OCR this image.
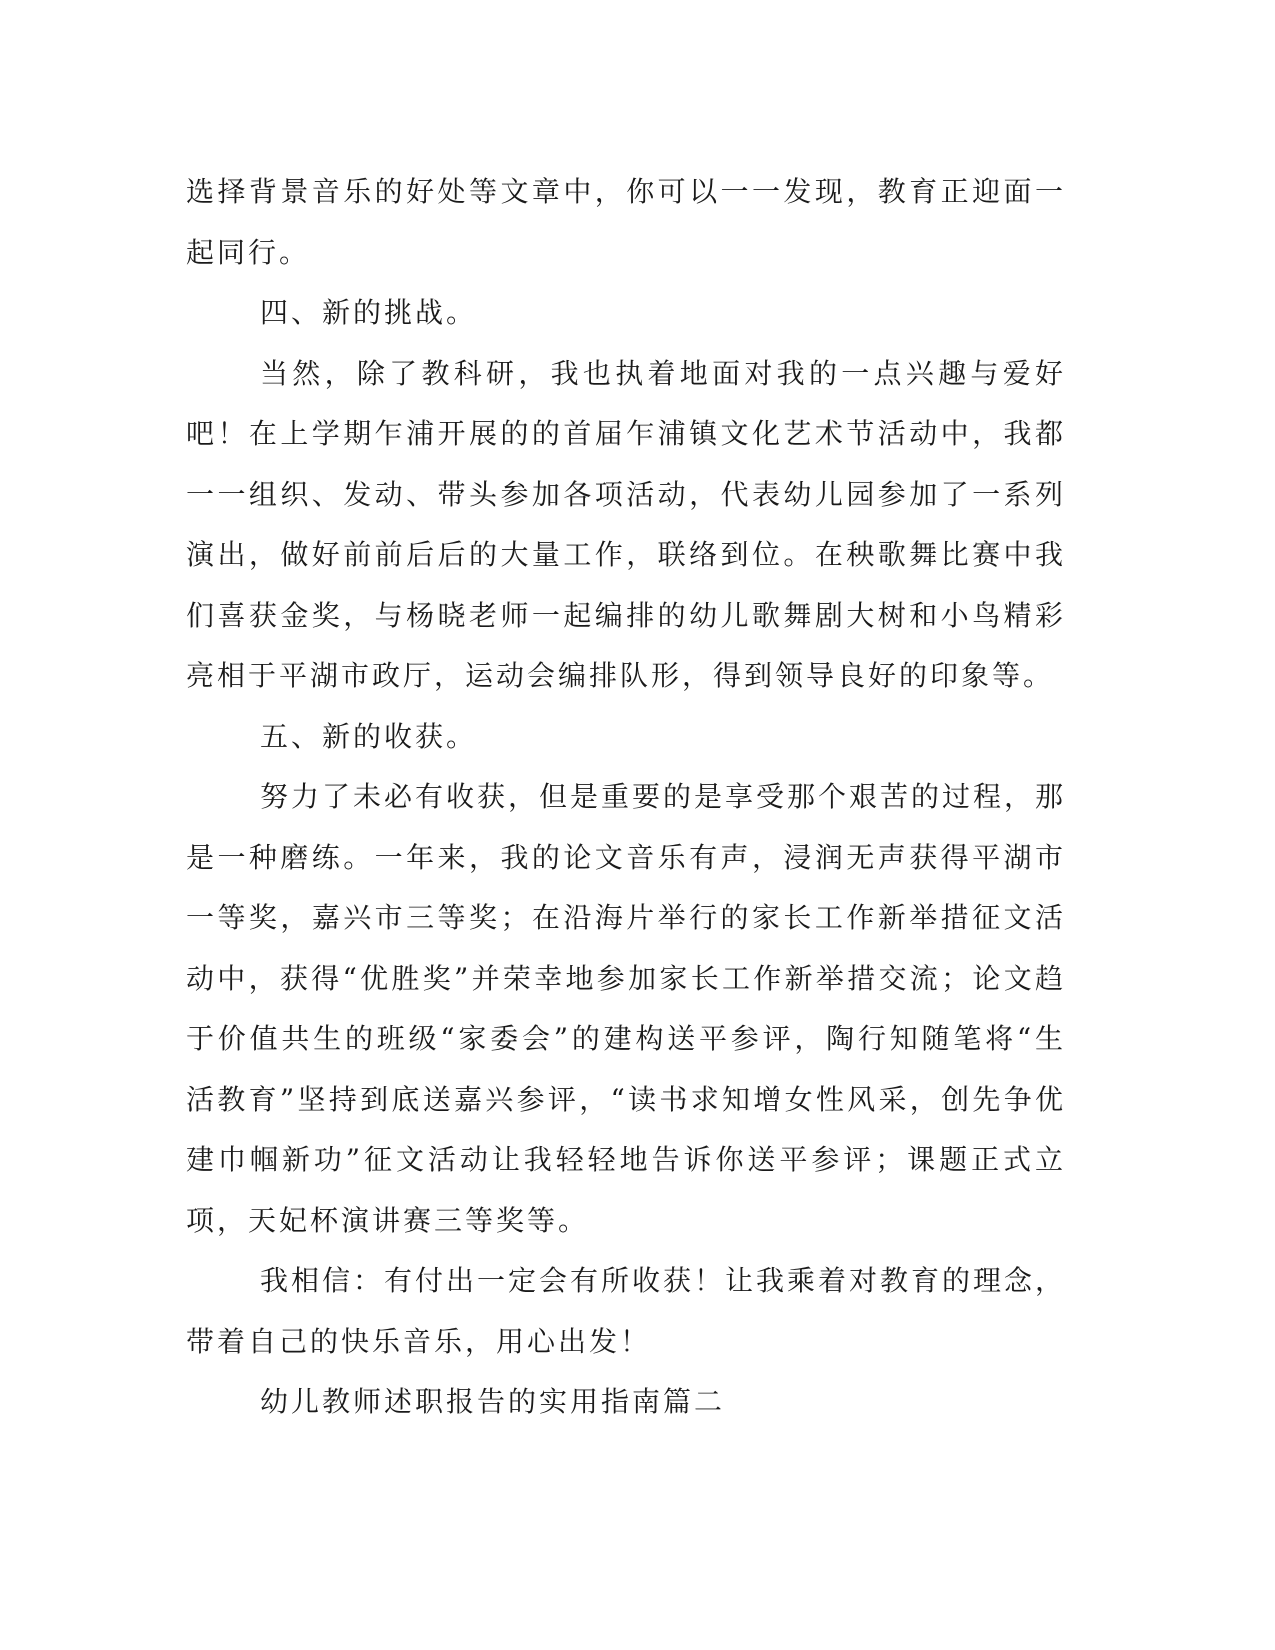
选择背景音乐的好处等文章中，你可以一一发现，教育正迎面一起同行。

四、新的挑战。

当然，除了教科研，我也执着地面对我的一点兴趣与爱好吧！在上学期乍浦开展的的首届乍浦镇文化艺术节活动中，我都一一组织、发动、带头参加各项活动，代表幼儿园参加了一系列演出，做好前前后后的大量工作，联络到位。在秧歌舞比赛中我们喜获金奖，与杨晓老师一起编排的幼儿歌舞剧大树和小鸟精彩亮相于平湖市政厅，运动会编排队形，得到领导良好的印象等。

五、新的收获。

努力了未必有收获，但是重要的是享受那个艰苦的过程，那是一种磨练。一年来，我的论文音乐有声，浸润无声获得平湖市一等奖，嘉兴市三等奖；在沿海片举行的家长工作新举措征文活动中，获得“优胜奖”并荣幸地参加家长工作新举措交流；论文趋于价值共生的班级“家委会”的建构送平参评，陶行知随笔将“生活教育”坚持到底送嘉兴参评，“读书求知增女性风采，创先争优建巾帼新功”征文活动让我轻轻地告诉你送平参评；课题正式立项，天妃杯演讲赛三等奖等。

我相信：有付出一定会有所收获！让我乘着对教育的理念，带着自己的快乐音乐，用心出发！

幼儿教师述职报告的实用指南篇二
